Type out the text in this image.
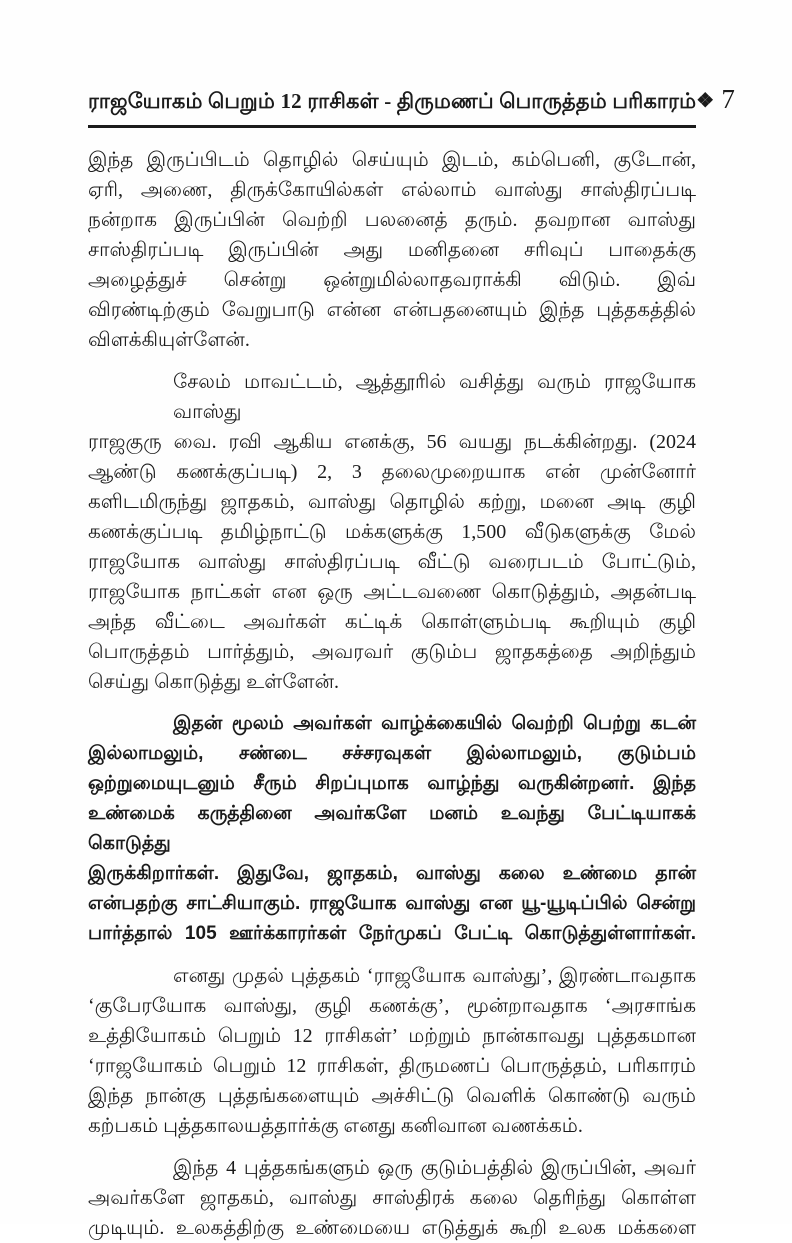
ராஜயோகம் பெறும் 12 ராசிகள் - திருமணப் பொருத்தம் பரிகாரம் ❖ 7
இந்த இருப்பிடம் தொழில் செய்யும் இடம், கம்பெனி, குடோன்,
ஏரி, அணை, திருக்கோயில்கள் எல்லாம் வாஸ்து சாஸ்திரப்படி
நன்றாக இருப்பின் வெற்றி பலனைத் தரும். தவறான வாஸ்து
சாஸ்திரப்படி இருப்பின் அது மனிதனை சரிவுப் பாதைக்கு
அழைத்துச் சென்று ஒன்றுமில்லாதவராக்கி விடும். இவ்
விரண்டிற்கும் வேறுபாடு என்ன என்பதனையும் இந்த புத்தகத்தில்
விளக்கியுள்ளேன்.
சேலம் மாவட்டம், ஆத்தூரில் வசித்து வரும் ராஜயோக வாஸ்து
ராஜகுரு வை. ரவி ஆகிய எனக்கு, 56 வயது நடக்கின்றது. (2024
ஆண்டு கணக்குப்படி) 2, 3 தலைமுறையாக என் முன்னோர்
களிடமிருந்து ஜாதகம், வாஸ்து தொழில் கற்று, மனை அடி குழி
கணக்குப்படி தமிழ்நாட்டு மக்களுக்கு 1,500 வீடுகளுக்கு மேல்
ராஜயோக வாஸ்து சாஸ்திரப்படி வீட்டு வரைபடம் போட்டும்,
ராஜயோக நாட்கள் என ஒரு அட்டவணை கொடுத்தும், அதன்படி
அந்த வீட்டை அவர்கள் கட்டிக் கொள்ளும்படி கூறியும் குழி
பொருத்தம் பார்த்தும், அவரவர் குடும்ப ஜாதகத்தை அறிந்தும்
செய்து கொடுத்து உள்ளேன்.
இதன் மூலம் அவர்கள் வாழ்க்கையில் வெற்றி பெற்று கடன்
இல்லாமலும், சண்டை சச்சரவுகள் இல்லாமலும், குடும்பம்
ஒற்றுமையுடனும் சீரும் சிறப்புமாக வாழ்ந்து வருகின்றனர். இந்த
உண்மைக் கருத்தினை அவர்களே மனம் உவந்து பேட்டியாகக் கொடுத்து
இருக்கிறார்கள். இதுவே, ஜாதகம், வாஸ்து கலை உண்மை தான்
என்பதற்கு சாட்சியாகும். ராஜயோக வாஸ்து என யூ-யூடிப்பில் சென்று
பார்த்தால் 105 ஊர்க்காரர்கள் நேர்முகப் பேட்டி கொடுத்துள்ளார்கள்.
எனது முதல் புத்தகம் ‘ராஜயோக வாஸ்து’, இரண்டாவதாக
‘குபேரயோக வாஸ்து, குழி கணக்கு’, மூன்றாவதாக ‘அரசாங்க
உத்தியோகம் பெறும் 12 ராசிகள்’ மற்றும் நான்காவது புத்தகமான
‘ராஜயோகம் பெறும் 12 ராசிகள், திருமணப் பொருத்தம், பரிகாரம்
இந்த நான்கு புத்தங்களையும் அச்சிட்டு வெளிக் கொண்டு வரும்
கற்பகம் புத்தகாலயத்தார்க்கு எனது கனிவான வணக்கம்.
இந்த 4 புத்தகங்களும் ஒரு குடும்பத்தில் இருப்பின், அவர்
அவர்களே ஜாதகம், வாஸ்து சாஸ்திரக் கலை தெரிந்து கொள்ள
முடியும். உலகத்திற்கு உண்மையை எடுத்துக் கூறி உலக மக்களை
